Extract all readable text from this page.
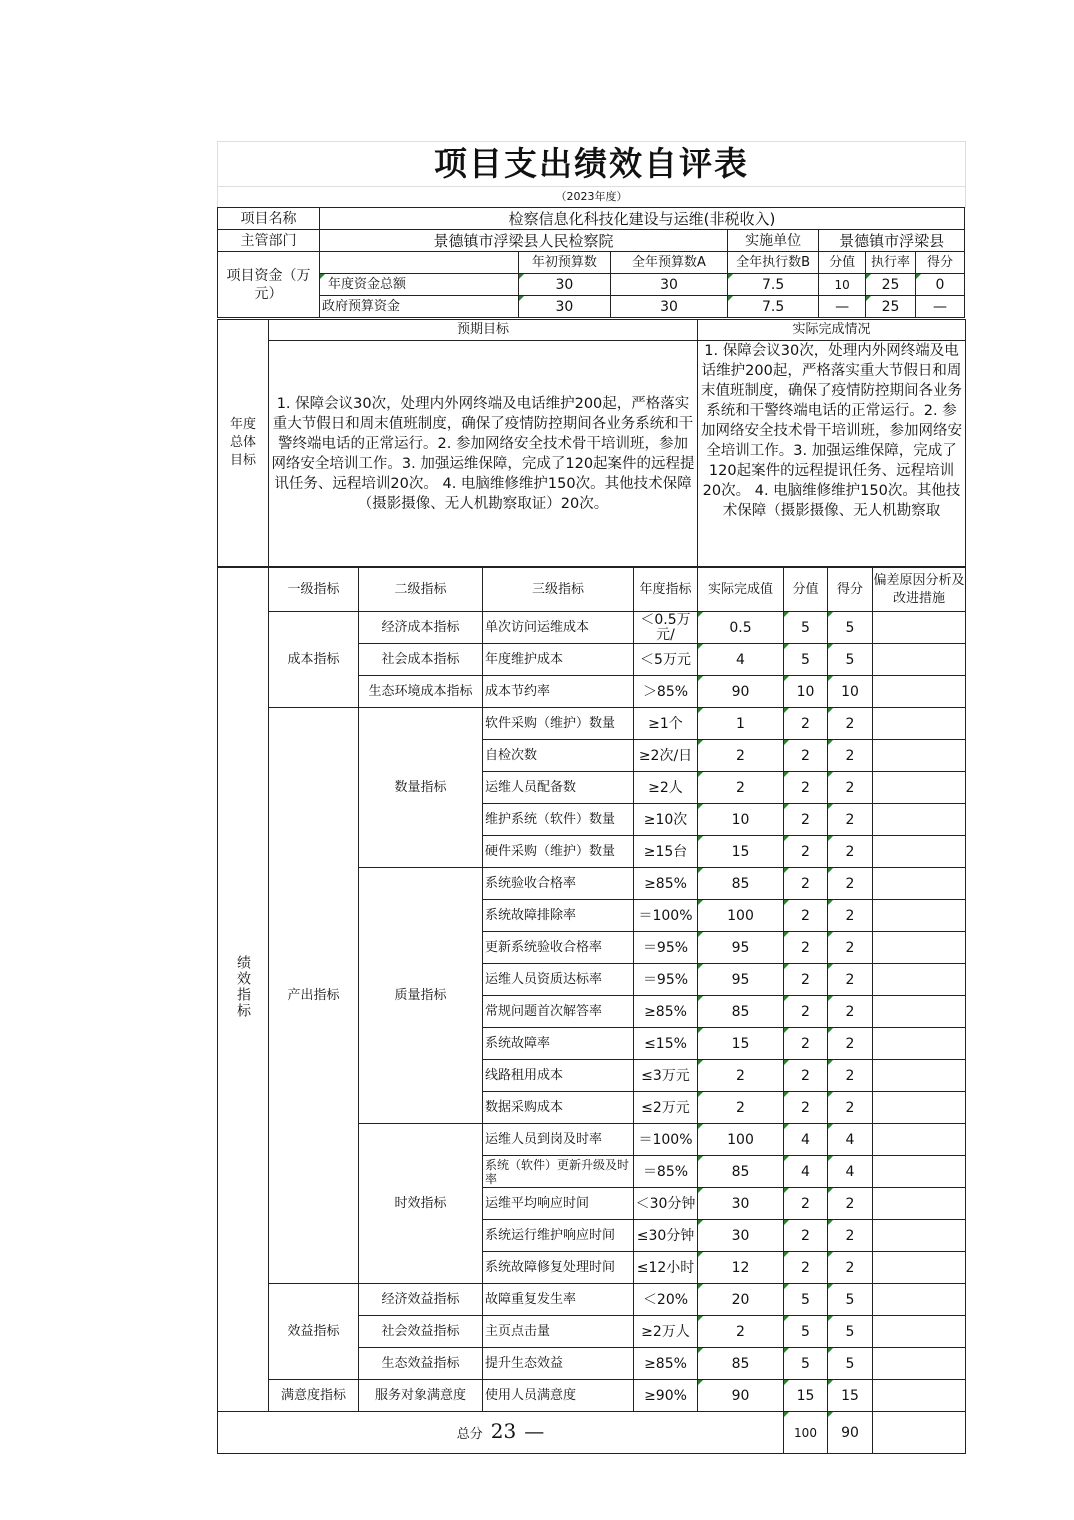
项目支出绩效自评表
（2023年度）
项目名称	检察信息化科技化建设与运维(非税收入)						
主管部门	景德镇市浮梁县人民检察院			实施单位	景德镇市浮梁县		
项目资金（万元）		年初预算数	全年预算数A	全年执行数B	分值	执行率	得分
	年度资金总额	30	30	7.5	10	25	0
	政府预算资金	30	30	7.5	—	25	—
年度总体目标	预期目标	实际完成情况
	1. 保障会议30次，处理内外网终端及电话维护200起，严格落实重大节假日和周末值班制度，确保了疫情防控期间各业务系统和干警终端电话的正常运行。2. 参加网络安全技术骨干培训班，参加网络安全培训工作。3. 加强运维保障，完成了120起案件的远程提讯任务、远程培训20次。 4. 电脑维修维护150次。其他技术保障（摄影摄像、无人机勘察取证）20次。	1. 保障会议30次，处理内外网终端及电话维护200起，严格落实重大节假日和周末值班制度，确保了疫情防控期间各业务系统和干警终端电话的正常运行。2. 参加网络安全技术骨干培训班，参加网络安全培训工作。3. 加强运维保障，完成了120起案件的远程提讯任务、远程培训20次。 4. 电脑维修维护150次。其他技术保障（摄影摄像、无人机勘察取
绩效指标	一级指标	二级指标	三级指标	年度指标	实际完成值	分值	得分	偏差原因分析及改进措施
	成本指标	经济成本指标	单次访问运维成本	＜0.5万元/	0.5	5	5	
		社会成本指标	年度维护成本	＜5万元	4	5	5	
		生态环境成本指标	成本节约率	＞85%	90	10	10	
	产出指标	数量指标	软件采购（维护）数量	≥1个	1	2	2	
			自检次数	≥2次/日	2	2	2	
			运维人员配备数	≥2人	2	2	2	
			维护系统（软件）数量	≥10次	10	2	2	
			硬件采购（维护）数量	≥15台	15	2	2	
		质量指标	系统验收合格率	≥85%	85	2	2	
			系统故障排除率	＝100%	100	2	2	
			更新系统验收合格率	＝95%	95	2	2	
			运维人员资质达标率	＝95%	95	2	2	
			常规问题首次解答率	≥85%	85	2	2	
			系统故障率	≤15%	15	2	2	
			线路租用成本	≤3万元	2	2	2	
			数据采购成本	≤2万元	2	2	2	
		时效指标	运维人员到岗及时率	＝100%	100	4	4	
			系统（软件）更新升级及时率	＝85%	85	4	4	
			运维平均响应时间	＜30分钟	30	2	2	
			系统运行维护响应时间	≤30分钟	30	2	2	
			系统故障修复处理时间	≤12小时	12	2	2	
	效益指标	经济效益指标	故障重复发生率	＜20%	20	5	5	
		社会效益指标	主页点击量	≥2万人	2	5	5	
		生态效益指标	提升生态效益	≥85%	85	5	5	
	满意度指标	服务对象满意度	使用人员满意度	≥90%	90	15	15	
总分 23 —						100	90	
